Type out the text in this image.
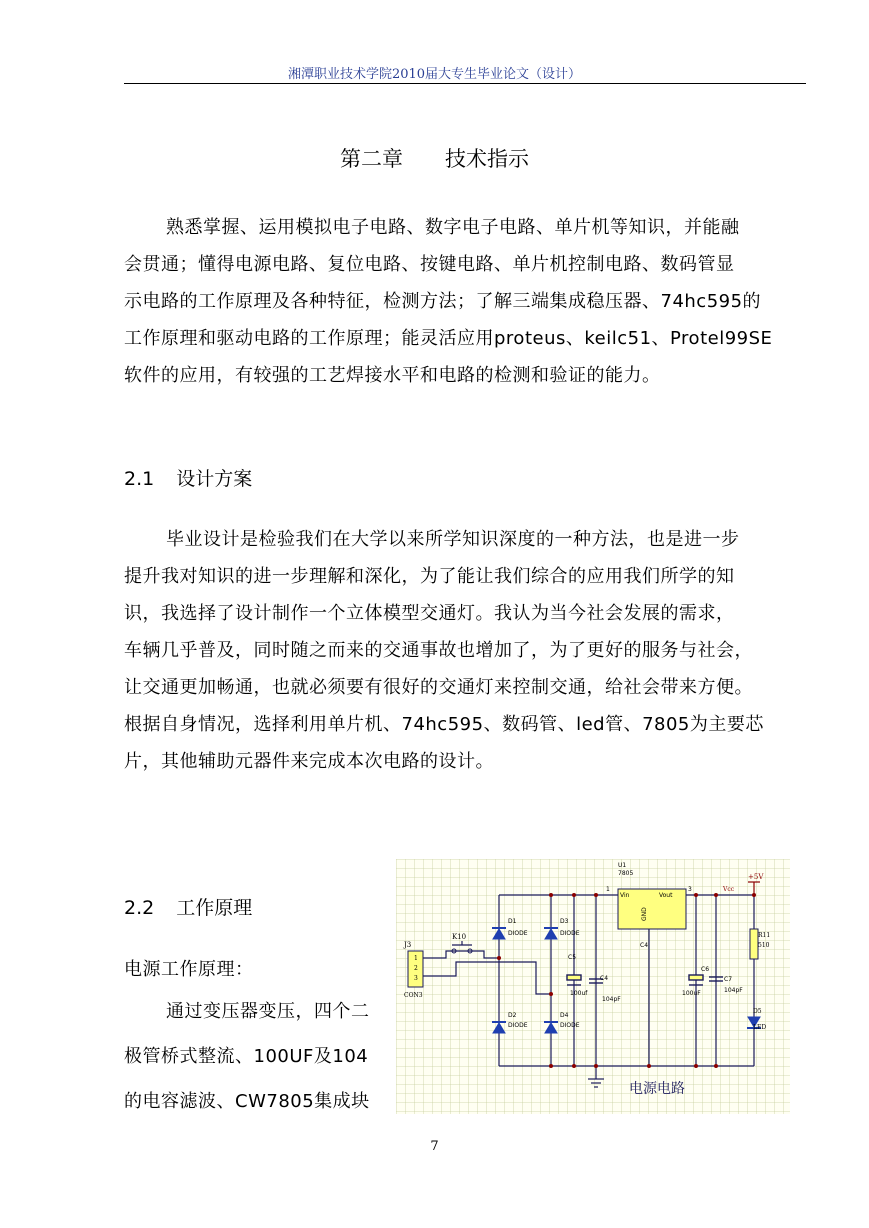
湘潭职业技术学院2010届大专生毕业论文（设计）
第二章 技术指示
熟悉掌握、运用模拟电子电路、数字电子电路、单片机等知识，并能融
会贯通；懂得电源电路、复位电路、按键电路、单片机控制电路、数码管显
示电路的工作原理及各种特征，检测方法；了解三端集成稳压器、74hc595的
工作原理和驱动电路的工作原理；能灵活应用proteus、keilc51、Protel99SE
软件的应用，有较强的工艺焊接水平和电路的检测和验证的能力。
2.1 设计方案
毕业设计是检验我们在大学以来所学知识深度的一种方法，也是进一步
提升我对知识的进一步理解和深化，为了能让我们综合的应用我们所学的知
识，我选择了设计制作一个立体模型交通灯。我认为当今社会发展的需求，
车辆几乎普及，同时随之而来的交通事故也增加了，为了更好的服务与社会，
让交通更加畅通，也就必须要有很好的交通灯来控制交通，给社会带来方便。
根据自身情况，选择利用单片机、74hc595、数码管、led管、7805为主要芯
片，其他辅助元器件来完成本次电路的设计。
2.2 工作原理
电源工作原理：
通过变压器变压，四个二
极管桥式整流、100UF及104
的电容滤波、CW7805集成块
J3
1
2
3
CON3
K10
D1
DIODE
D2
DIODE
D3
DIODE
D4
DIODE
C5
100uf
C4
104pF
U1
7805
Vin	Vout
1	3
C4
GND
C6
100uF
C7
104pF
R11
510
D5
LED
Vcc
+5V
电源电路
7
